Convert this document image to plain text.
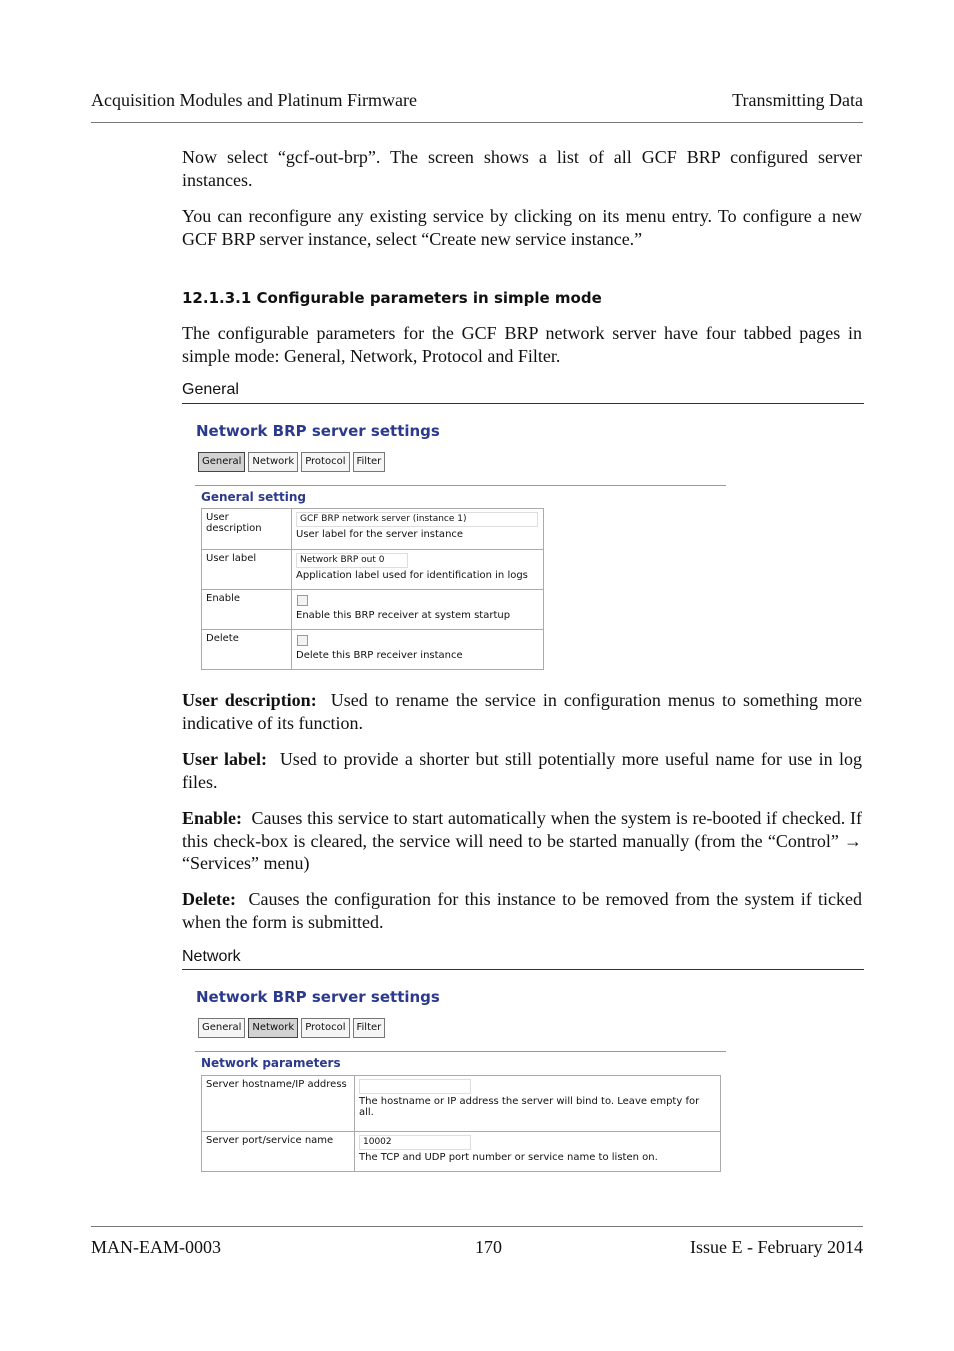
Acquisition Modules and Platinum Firmware	Transmitting Data
Now select “gcf-out-brp”. The screen shows a list of all GCF BRP configured server instances.
You can reconfigure any existing service by clicking on its menu entry. To configure a new GCF BRP server instance, select “Create new service instance.”
12.1.3.1 Configurable parameters in simple mode
The configurable parameters for the GCF BRP network server have four tabbed pages in simple mode: General, Network, Protocol and Filter.
General
Network BRP server settings
General	Network	Protocol	Filter
General setting
User description	GCF BRP network server (instance 1)
User label for the server instance

User label	Network BRP out 0
Application label used for identification in logs

Enable	Enable this BRP receiver at system startup

Delete	Delete this BRP receiver instance
User description: Used to rename the service in configuration menus to something more indicative of its function.
User label: Used to provide a shorter but still potentially more useful name for use in log files.
Enable: Causes this service to start automatically when the system is re-booted if checked. If this check-box is cleared, the service will need to be started manually (from the “Control” → “Services” menu)
Delete: Causes the configuration for this instance to be removed from the system if ticked when the form is submitted.
Network
Network BRP server settings
General	Network	Protocol	Filter
Network parameters
Server hostname/IP address	The hostname or IP address the server will bind to. Leave empty for all.

Server port/service name	10002
The TCP and UDP port number or service name to listen on.
MAN-EAM-0003	170	Issue E - February 2014
